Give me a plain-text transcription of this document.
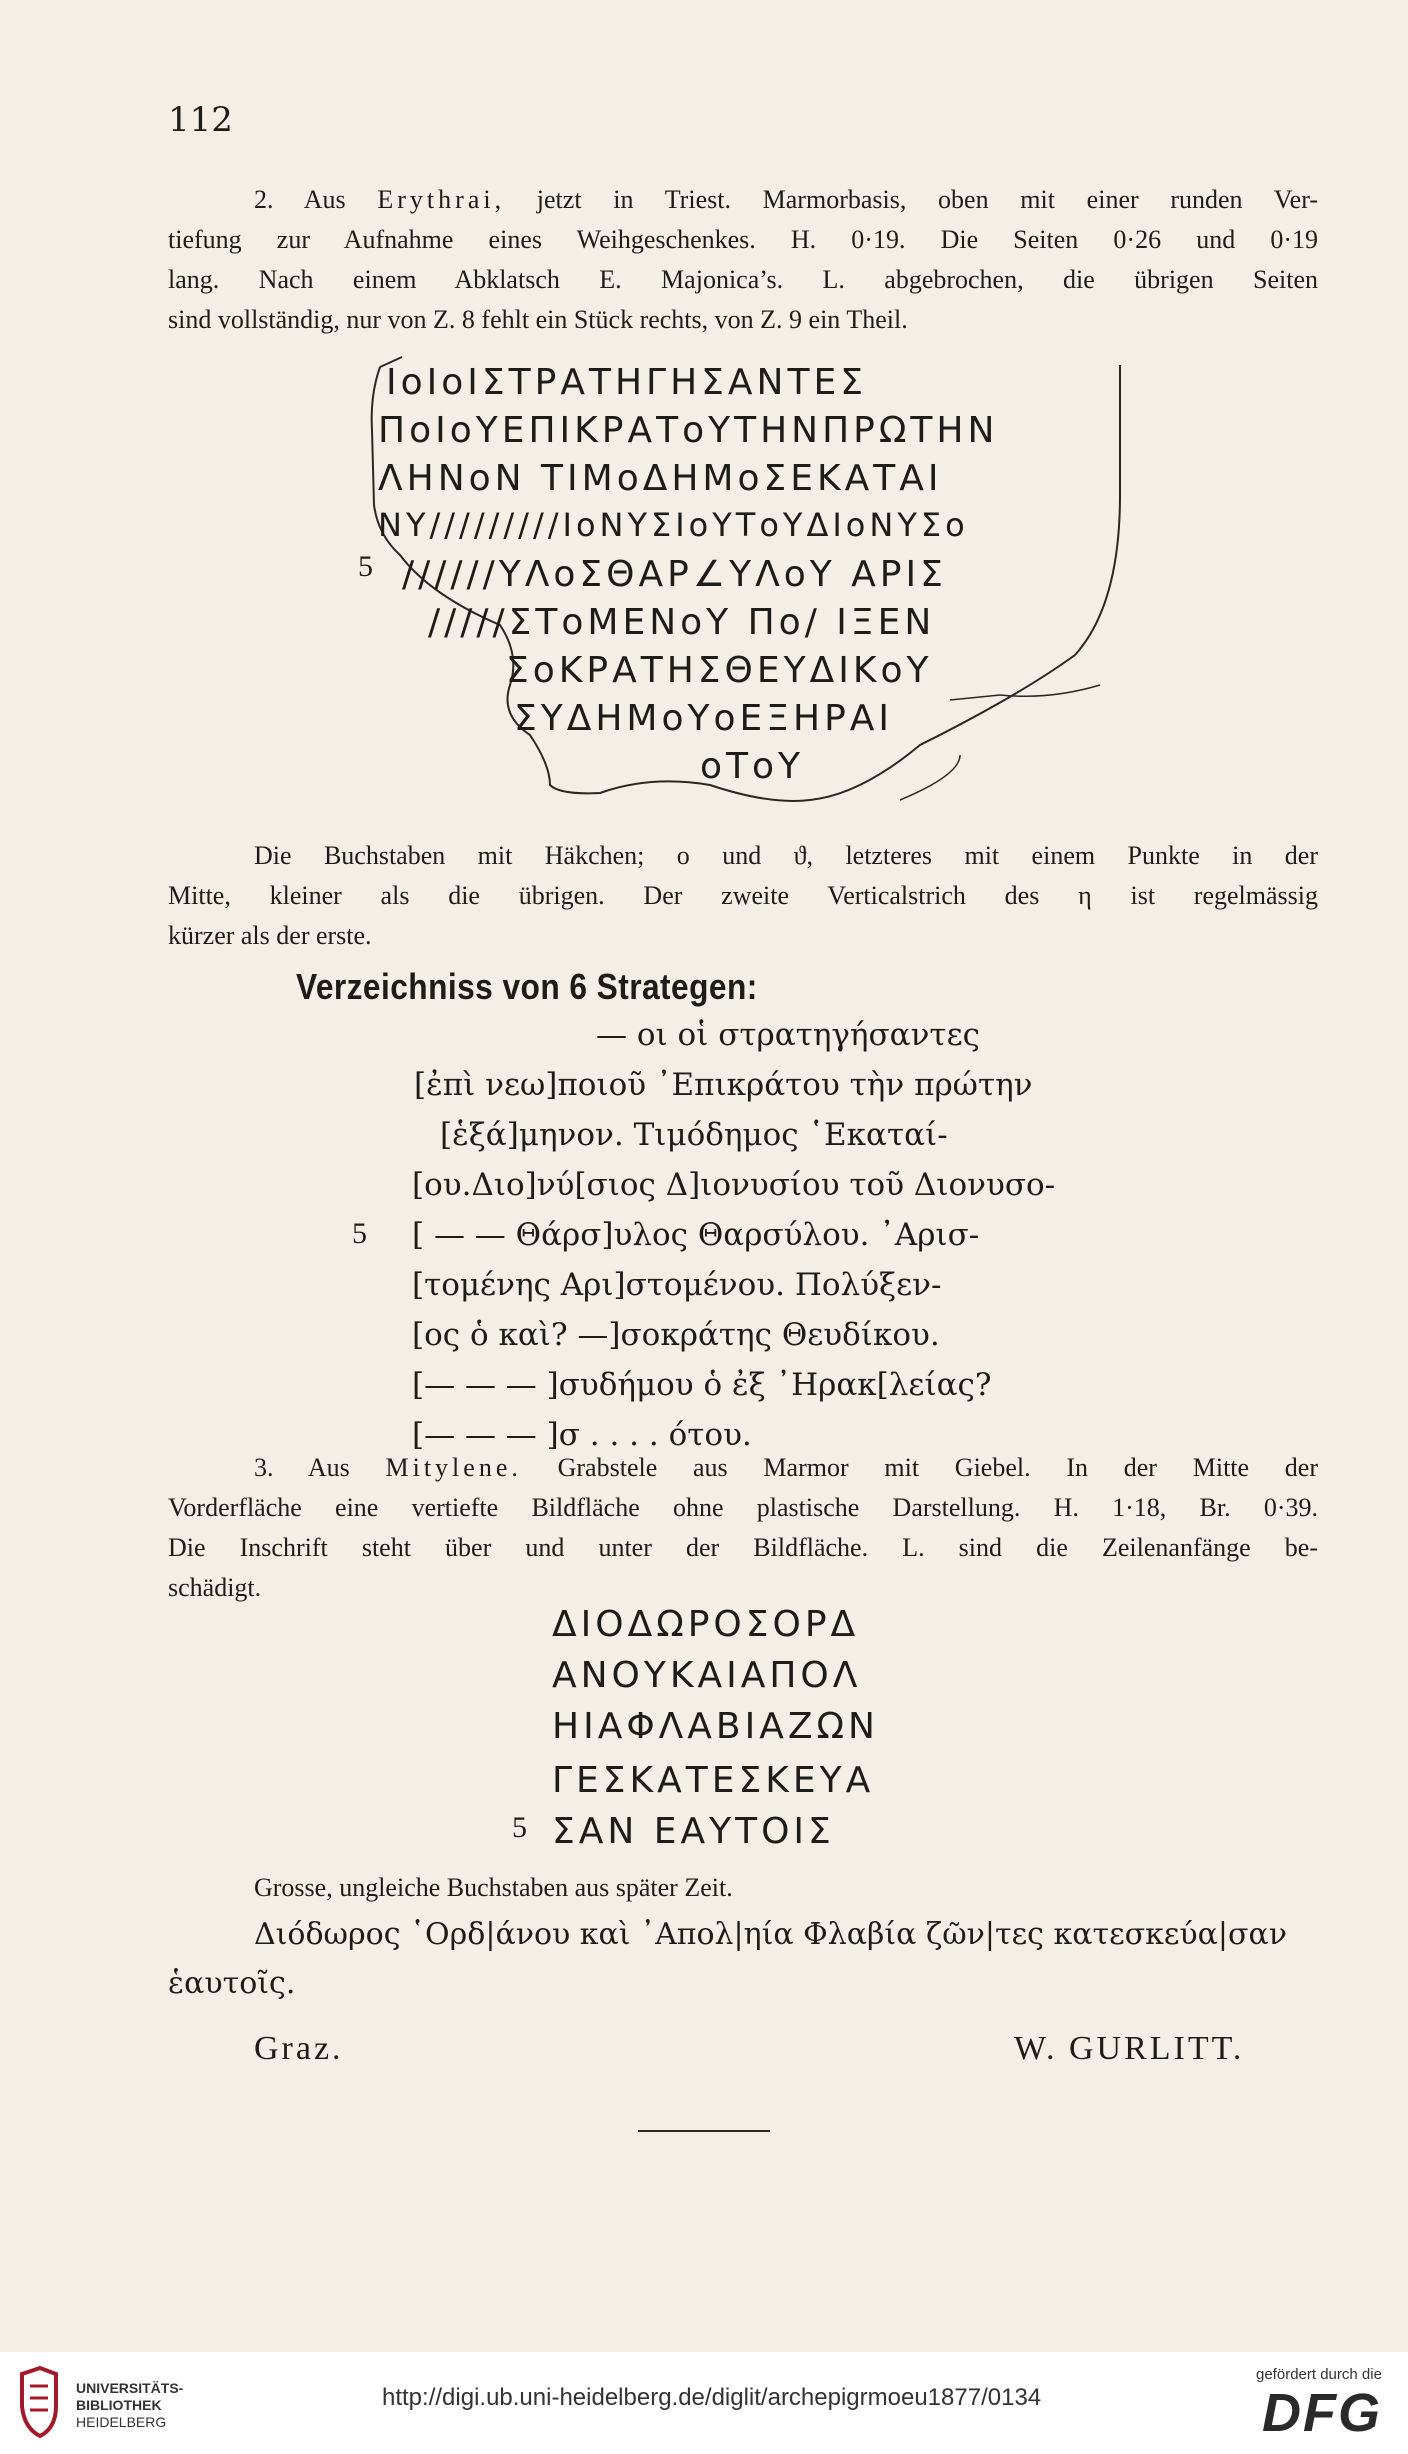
112
2. Aus Erythrai, jetzt in Triest. Marmorbasis, oben mit einer runden Ver-
tiefung zur Aufnahme eines Weihgeschenkes. H. 0·19. Die Seiten 0·26 und 0·19
lang. Nach einem Abklatsch E. Majonica’s. L. abgebrochen, die übrigen Seiten
sind vollständig, nur von Z. 8 fehlt ein Stück rechts, von Z. 9 ein Theil.
ΙοΙοΙΣΤΡΑΤΗΓΗΣΑΝΤΕΣ
ΠοΙοΥΕΠΙΚΡΑΤοΥΤΗΝΠΡΩΤΗΝ
ΛΗΝοΝ ΤΙΜοΔΗΜοΣΕΚΑΤΑΙ
ΝΥ/////////ΙοΝΥΣΙοΥΤοΥΔΙοΝΥΣο
5 //////ΥΛοΣΘΑΡ∠ΥΛοΥ ΑΡΙΣ
/////ΣΤοΜΕΝοΥ Πο/ ΙΞΕΝ
ΣοΚΡΑΤΗΣΘΕΥΔΙΚοΥ
ΣΥΔΗΜοΥοΕΞΗΡΑΙ
οΤοΥ
Die Buchstaben mit Häkchen; o und ϑ, letzteres mit einem Punkte in der
Mitte, kleiner als die übrigen. Der zweite Verticalstrich des η ist regelmässig
kürzer als der erste.
Verzeichniss von 6 Strategen:
— οι οἱ στρατηγήσαντες
[ἐπὶ νεω]ποιοῦ ᾿Επικράτου τὴν πρώτην
[ἑξά]μηνον. Τιμόδημος ῾Εκαταί-
[ου.Διο]νύ[σιος Δ]ιονυσίου τοῦ Διονυσο-
5 [ — — Θάρσ]υλος Θαρσύλου. ᾿Αρισ-
[τομένης Αρι]στομένου. Πολύξεν-
[ος ὁ καὶ? —]σοκράτης Θευδίκου.
[— — — ]συδήμου ὁ ἐξ ᾿Ηρακ[λείας?
[— — — ]σ . . . . ότου.
3. Aus Mitylene. Grabstele aus Marmor mit Giebel. In der Mitte der
Vorderfläche eine vertiefte Bildfläche ohne plastische Darstellung. H. 1·18, Br. 0·39.
Die Inschrift steht über und unter der Bildfläche. L. sind die Zeilenanfänge be-
schädigt.
ΔΙΟΔΩΡΟΣΟΡΔ
ΑΝΟΥΚΑΙΑΠΟΛ
ΗΙΑΦΛΑΒΙΑΖΩΝ
ΓΕΣΚΑΤΕΣΚΕΥΑ
5 ΣΑΝ ΕΑΥΤΟΙΣ
Grosse, ungleiche Buchstaben aus später Zeit.
Διόδωρος ῾Ορδ|άνου καὶ ᾿Απολ|ηία Φλαβία ζῶν|τες κατεσκεύα|σαν
ἑαυτοῖς.
Graz.	W. GURLITT.
UNIVERSITÄTS-
BIBLIOTHEK
HEIDELBERG
http://digi.ub.uni-heidelberg.de/diglit/archepigrmoeu1877/0134
gefördert durch die
DFG
